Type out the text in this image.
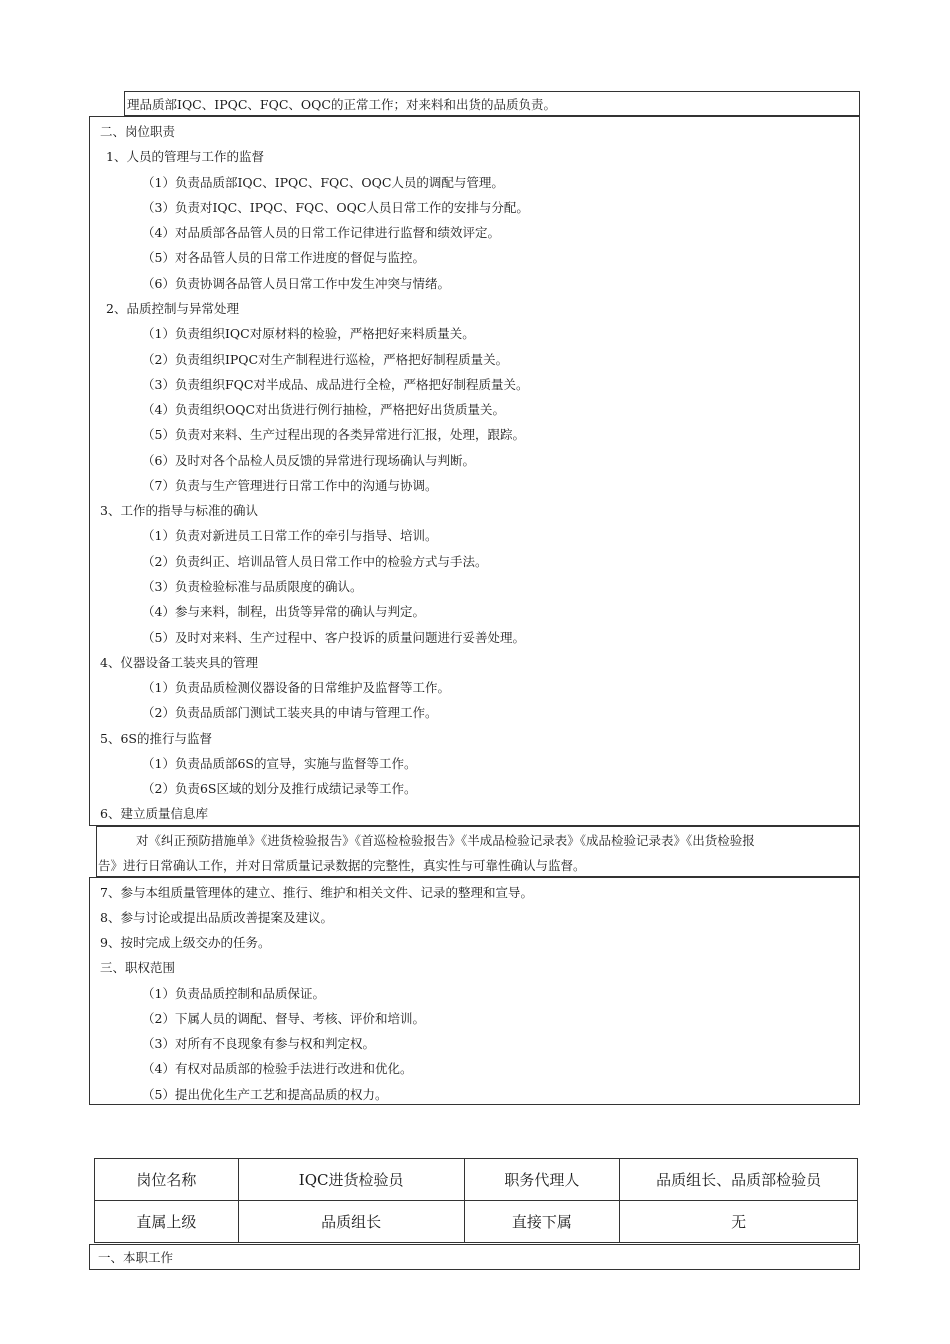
理品质部IQC、IPQC、FQC、OQC的正常工作；对来料和出货的品质负责。
二、岗位职责
1、人员的管理与工作的监督
（1）负责品质部IQC、IPQC、FQC、OQC人员的调配与管理。
（3）负责对IQC、IPQC、FQC、OQC人员日常工作的安排与分配。
（4）对品质部各品管人员的日常工作记律进行监督和绩效评定。
（5）对各品管人员的日常工作进度的督促与监控。
（6）负责协调各品管人员日常工作中发生冲突与情绪。
2、品质控制与异常处理
（1）负责组织IQC对原材料的检验，严格把好来料质量关。
（2）负责组织IPQC对生产制程进行巡检，严格把好制程质量关。
（3）负责组织FQC对半成品、成品进行全检，严格把好制程质量关。
（4）负责组织OQC对出货进行例行抽检，严格把好出货质量关。
（5）负责对来料、生产过程出现的各类异常进行汇报，处理，跟踪。
（6）及时对各个品检人员反馈的异常进行现场确认与判断。
（7）负责与生产管理进行日常工作中的沟通与协调。
3、工作的指导与标准的确认
（1）负责对新进员工日常工作的牵引与指导、培训。
（2）负责纠正、培训品管人员日常工作中的检验方式与手法。
（3）负责检验标准与品质限度的确认。
（4）参与来料，制程，出货等异常的确认与判定。
（5）及时对来料、生产过程中、客户投诉的质量问题进行妥善处理。
4、仪器设备工装夹具的管理
（1）负责品质检测仪器设备的日常维护及监督等工作。
（2）负责品质部门测试工装夹具的申请与管理工作。
5、6S的推行与监督
（1）负责品质部6S的宣导，实施与监督等工作。
（2）负责6S区域的划分及推行成绩记录等工作。
6、建立质量信息库
对《纠正预防措施单》《进货检验报告》《首巡检检验报告》《半成品检验记录表》《成品检验记录表》《出货检验报
告》进行日常确认工作，并对日常质量记录数据的完整性，真实性与可靠性确认与监督。
7、参与本组质量管理体的建立、推行、维护和相关文件、记录的整理和宣导。
8、参与讨论或提出品质改善提案及建议。
9、按时完成上级交办的任务。
三、职权范围
（1）负责品质控制和品质保证。
（2）下属人员的调配、督导、考核、评价和培训。
（3）对所有不良现象有参与权和判定权。
（4）有权对品质部的检验手法进行改进和优化。
（5）提出优化生产工艺和提高品质的权力。
岗位名称	IQC进货检验员	职务代理人	品质组长、品质部检验员
直属上级	品质组长	直接下属	无
一、本职工作
